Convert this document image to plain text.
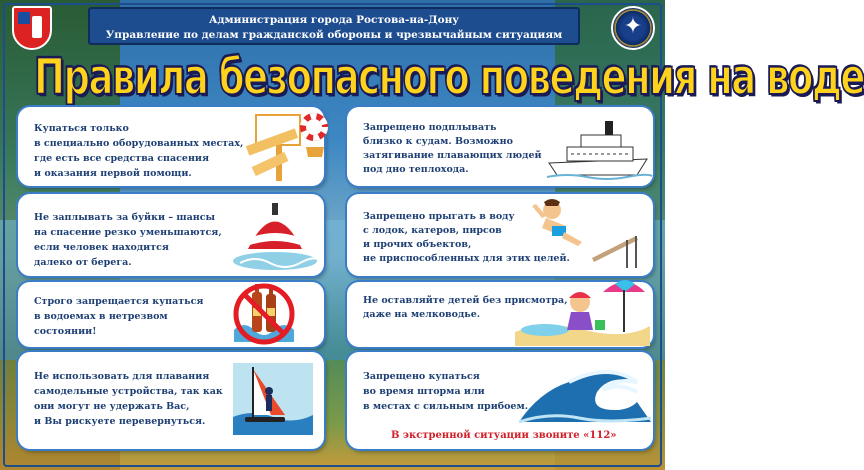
✦
Администрация города Ростова-на-Дону
Управление по делам гражданской обороны и чрезвычайным ситуациям
Правила безопасного поведения на воде
Купаться только
в специально оборудованных местах,
где есть все средства спасения
и оказания первой помощи.
Не заплывать за буйки – шансы
на спасение резко уменьшаются,
если человек находится
далеко от берега.
Строго запрещается купаться
в водоемах в нетрезвом
состоянии!
Не использовать для плавания
самодельные устройства, так как
они могут не удержать Вас,
и Вы рискуете перевернуться.
Запрещено подплывать
близко к судам. Возможно
затягивание плавающих людей
под дно теплохода.
Запрещено прыгать в воду
с лодок, катеров, пирсов
и прочих объектов,
не приспособленных для этих целей.
Не оставляйте детей без присмотра,
даже на мелководье.
Запрещено купаться
во время шторма или
в местах с сильным прибоем.
В экстренной ситуации звоните «112»
